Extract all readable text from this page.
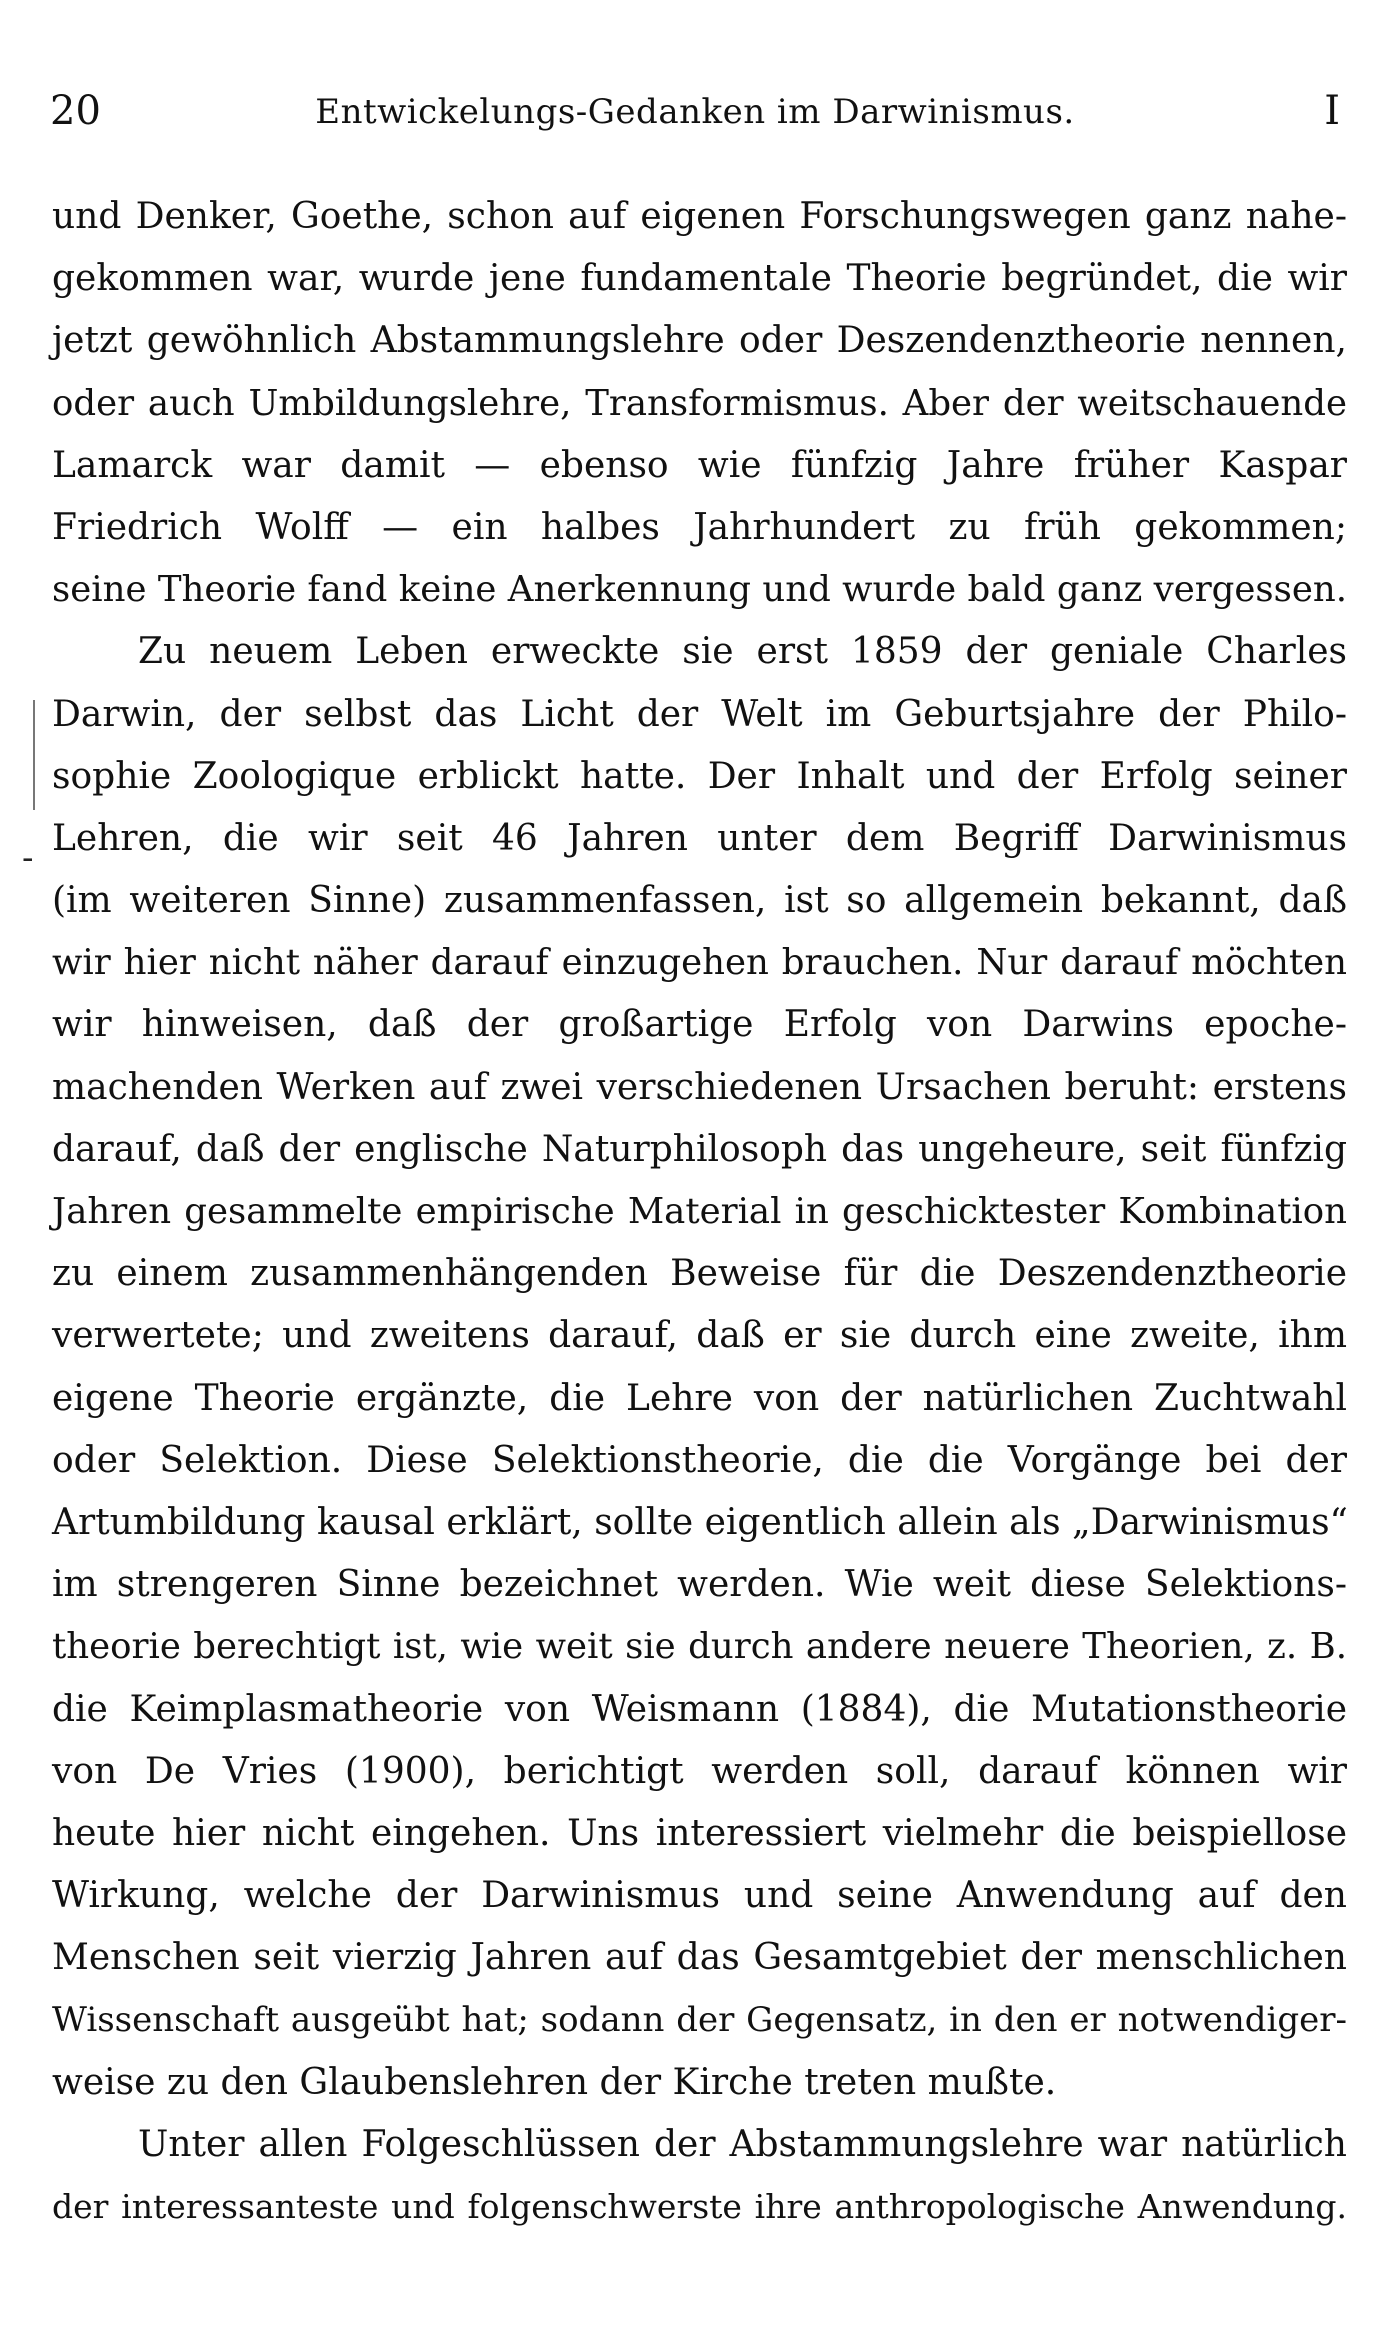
20	Entwickelungs-Gedanken im Darwinismus.	I
-
und Denker, Goethe, schon auf eigenen Forschungswegen ganz nahe-
gekommen war, wurde jene fundamentale Theorie begründet, die wir
jetzt gewöhnlich Abstammungslehre oder Deszendenztheorie nennen,
oder auch Umbildungslehre, Transformismus. Aber der weitschauende
Lamarck war damit — ebenso wie fünfzig Jahre früher Kaspar
Friedrich Wolff — ein halbes Jahrhundert zu früh gekommen;
seine Theorie fand keine Anerkennung und wurde bald ganz vergessen.
Zu neuem Leben erweckte sie erst 1859 der geniale Charles
Darwin, der selbst das Licht der Welt im Geburtsjahre der Philo-
sophie Zoologique erblickt hatte. Der Inhalt und der Erfolg seiner
Lehren, die wir seit 46 Jahren unter dem Begriff Darwinismus
(im weiteren Sinne) zusammenfassen, ist so allgemein bekannt, daß
wir hier nicht näher darauf einzugehen brauchen. Nur darauf möchten
wir hinweisen, daß der großartige Erfolg von Darwins epoche-
machenden Werken auf zwei verschiedenen Ursachen beruht: erstens
darauf, daß der englische Naturphilosoph das ungeheure, seit fünfzig
Jahren gesammelte empirische Material in geschicktester Kombination
zu einem zusammenhängenden Beweise für die Deszendenztheorie
verwertete; und zweitens darauf, daß er sie durch eine zweite, ihm
eigene Theorie ergänzte, die Lehre von der natürlichen Zuchtwahl
oder Selektion. Diese Selektionstheorie, die die Vorgänge bei der
Artumbildung kausal erklärt, sollte eigentlich allein als „Darwinismus“
im strengeren Sinne bezeichnet werden. Wie weit diese Selektions-
theorie berechtigt ist, wie weit sie durch andere neuere Theorien, z. B.
die Keimplasmatheorie von Weismann (1884), die Mutationstheorie
von De Vries (1900), berichtigt werden soll, darauf können wir
heute hier nicht eingehen. Uns interessiert vielmehr die beispiellose
Wirkung, welche der Darwinismus und seine Anwendung auf den
Menschen seit vierzig Jahren auf das Gesamtgebiet der menschlichen
Wissenschaft ausgeübt hat; sodann der Gegensatz, in den er notwendiger-
weise zu den Glaubenslehren der Kirche treten mußte.
Unter allen Folgeschlüssen der Abstammungslehre war natürlich
der interessanteste und folgenschwerste ihre anthropologische Anwendung.
